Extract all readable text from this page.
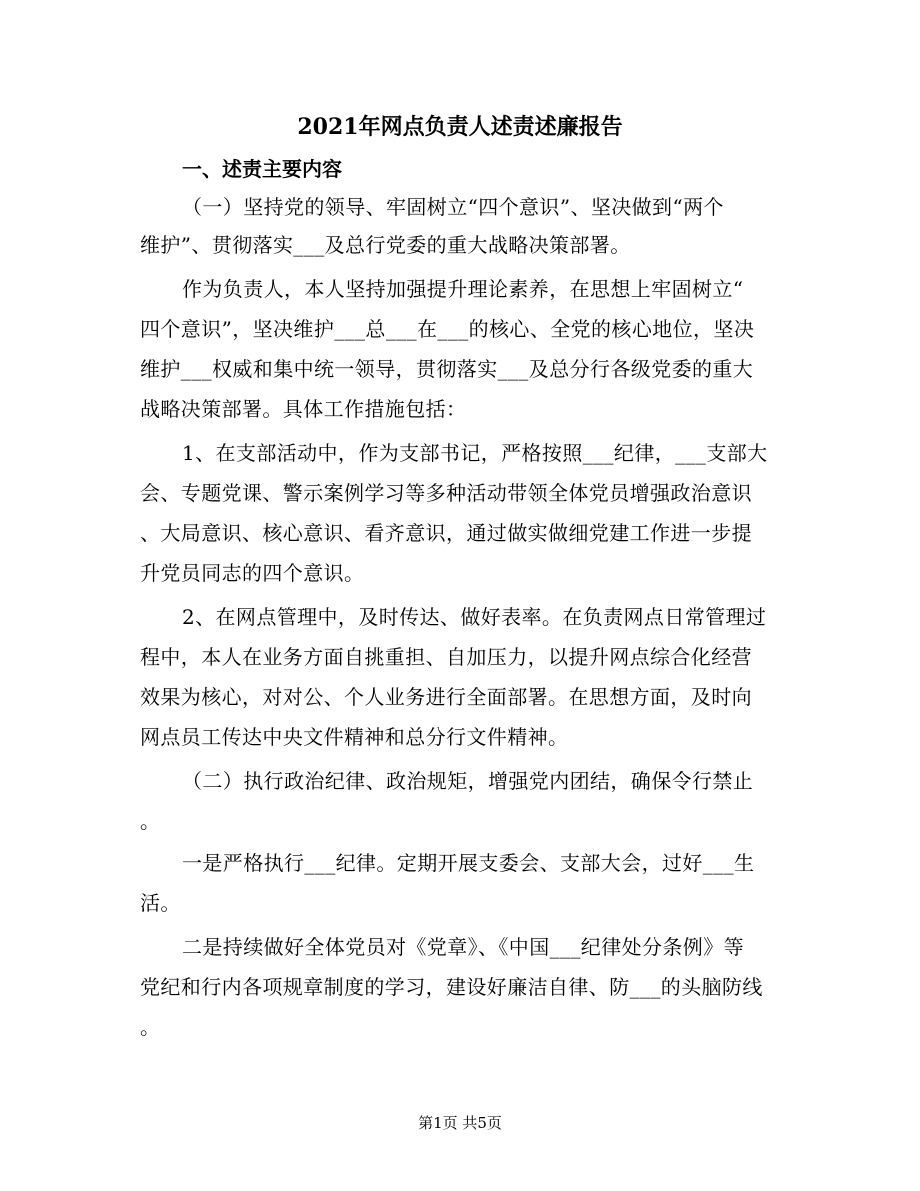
2021年网点负责人述责述廉报告
一、述责主要内容
（一）坚持党的领导、牢固树立“四个意识”、坚决做到“两个
维护”、贯彻落实___及总行党委的重大战略决策部署。
作为负责人，本人坚持加强提升理论素养，在思想上牢固树立“
四个意识”，坚决维护___总___在___的核心、全党的核心地位，坚决
维护___权威和集中统一领导，贯彻落实___及总分行各级党委的重大
战略决策部署。具体工作措施包括：
1、在支部活动中，作为支部书记，严格按照___纪律，___支部大
会、专题党课、警示案例学习等多种活动带领全体党员增强政治意识
、大局意识、核心意识、看齐意识，通过做实做细党建工作进一步提
升党员同志的四个意识。
2、在网点管理中，及时传达、做好表率。在负责网点日常管理过
程中，本人在业务方面自挑重担、自加压力，以提升网点综合化经营
效果为核心，对对公、个人业务进行全面部署。在思想方面，及时向
网点员工传达中央文件精神和总分行文件精神。
（二）执行政治纪律、政治规矩，增强党内团结，确保令行禁止
。
一是严格执行___纪律。定期开展支委会、支部大会，过好___生
活。
二是持续做好全体党员对《党章》、《中国___纪律处分条例》等
党纪和行内各项规章制度的学习，建设好廉洁自律、防___的头脑防线
。
第1页 共5页
